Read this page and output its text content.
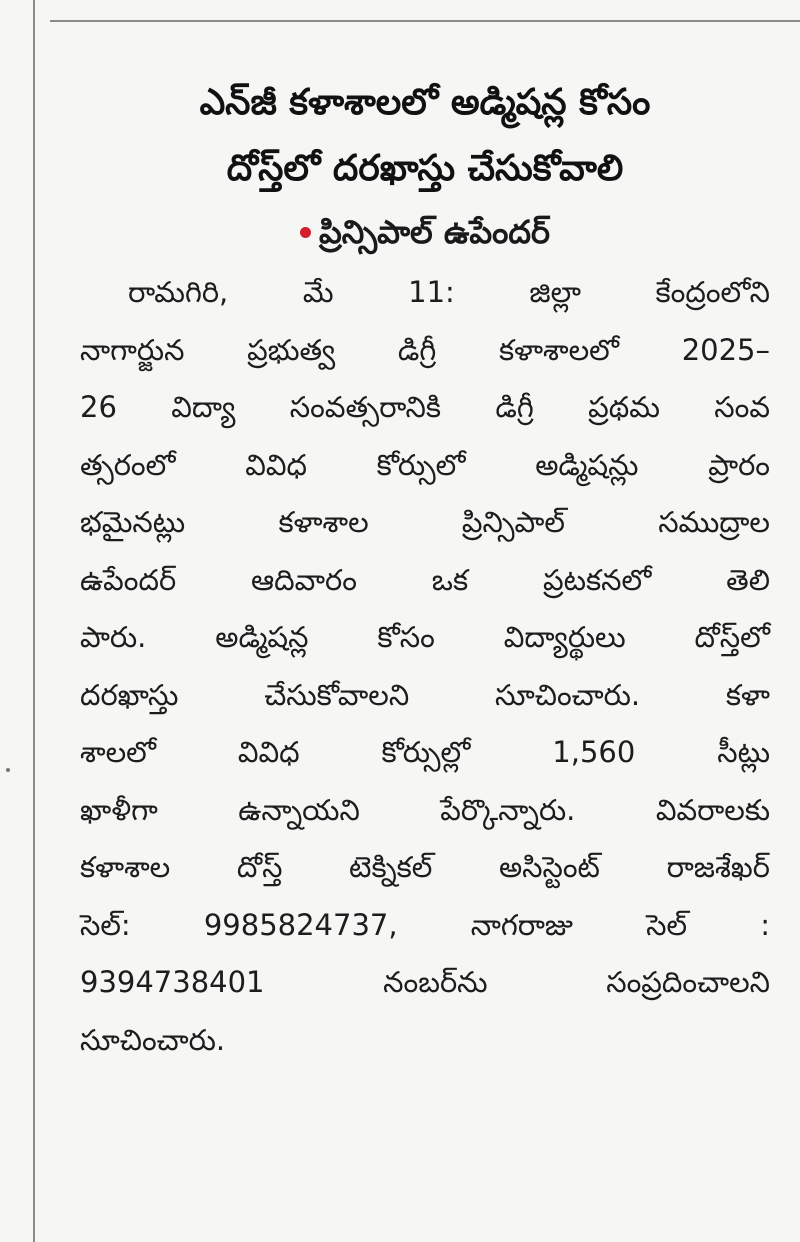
ఎన్‌జీ కళాశాలలో అడ్మిషన్ల కోసం
దోస్త్‌లో దరఖాస్తు చేసుకోవాలి
ప్రిన్సిపాల్ ఉపేందర్
రామగిరి, మే 11: జిల్లా కేంద్రంలోని
నాగార్జున ప్రభుత్వ డిగ్రీ కళాశాలలో 2025–
26 విద్యా సంవత్సరానికి డిగ్రీ ప్రథమ సంవ
త్సరంలో వివిధ కోర్సులో అడ్మిషన్లు ప్రారం
భమైనట్లు కళాశాల ప్రిన్సిపాల్ సముద్రాల
ఉపేందర్ ఆదివారం ఒక ప్రటకనలో తెలి
పారు. అడ్మిషన్ల కోసం విద్యార్థులు దోస్త్‌లో
దరఖాస్తు చేసుకోవాలని సూచించారు. కళా
శాలలో వివిధ కోర్సుల్లో 1,560 సీట్లు
ఖాళీగా ఉన్నాయని పేర్కొన్నారు. వివరాలకు
కళాశాల దోస్త్ టెక్నికల్ అసిస్టెంట్ రాజశేఖర్
సెల్: 9985824737, నాగరాజు సెల్ :
9394738401 నంబర్‌ను సంప్రదించాలని
సూచించారు.
